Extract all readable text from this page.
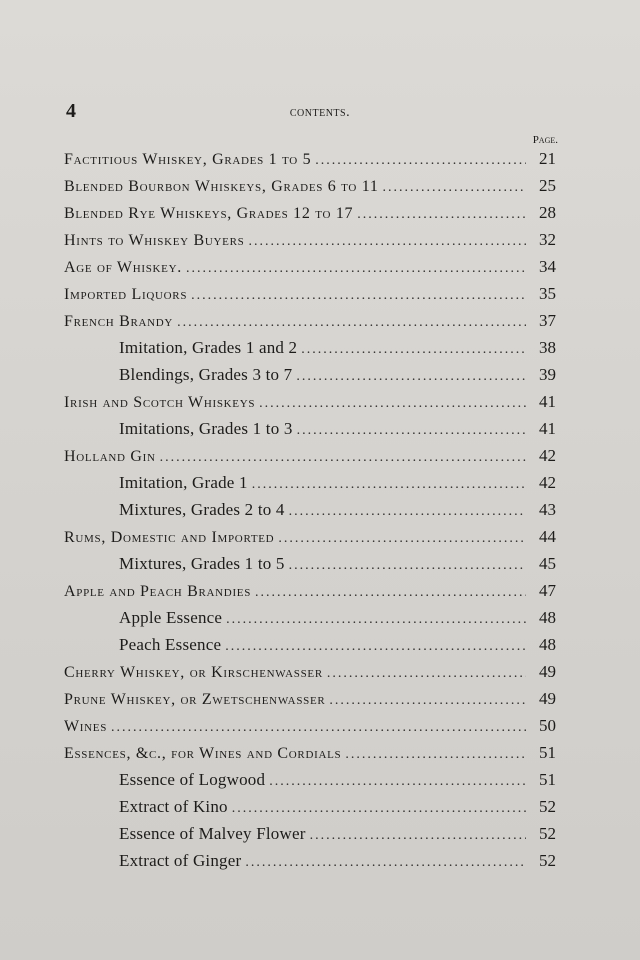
4	contents.
Page.
Factitious Whiskey, Grades 1 to 5 .....	21
Blended Bourbon Whiskeys, Grades 6 to 11 .....	25
Blended Rye Whiskeys, Grades 12 to 17 .....	28
Hints to Whiskey Buyers .....	32
Age of Whiskey. .....	34
Imported Liquors .....	35
French Brandy .....	37
Imitation, Grades 1 and 2 .....	38
Blendings, Grades 3 to 7 .....	39
Irish and Scotch Whiskeys .....	41
Imitations, Grades 1 to 3 .....	41
Holland Gin .....	42
Imitation, Grade 1 .....	42
Mixtures, Grades 2 to 4 .....	43
Rums, Domestic and Imported .....	44
Mixtures, Grades 1 to 5 .....	45
Apple and Peach Brandies .....	47
Apple Essence .....	48
Peach Essence .....	48
Cherry Whiskey, or Kirschenwasser .....	49
Prune Whiskey, or Zwetschenwasser .....	49
Wines .....	50
Essences, &c., for Wines and Cordials .....	51
Essence of Logwood .....	51
Extract of Kino .....	52
Essence of Malvey Flower .....	52
Extract of Ginger .....	52
